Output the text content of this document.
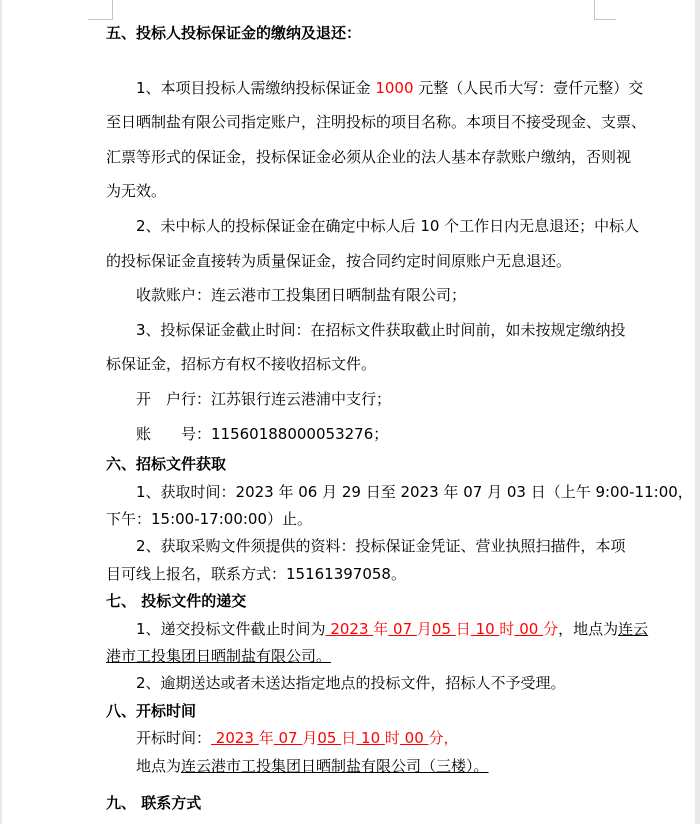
五、投标人投标保证金的缴纳及退还：
1、本项目投标人需缴纳投标保证金 1000 元整（人民币大写：壹仟元整）交
至日晒制盐有限公司指定账户，注明投标的项目名称。本项目不接受现金、支票、
汇票等形式的保证金，投标保证金必须从企业的法人基本存款账户缴纳，否则视
为无效。
2、未中标人的投标保证金在确定中标人后 10 个工作日内无息退还；中标人
的投标保证金直接转为质量保证金，按合同约定时间原账户无息退还。
收款账户：连云港市工投集团日晒制盐有限公司；
3、投标保证金截止时间：在招标文件获取截止时间前，如未按规定缴纳投
标保证金，招标方有权不接收招标文件。
开　户行：江苏银行连云港浦中支行；
账　　号：11560188000053276；
六、招标文件获取
1、获取时间：2023 年 06 月 29 日至 2023 年 07 月 03 日（上午 9:00-11:00，
下午：15:00-17:00:00）止。
2、获取采购文件须提供的资料：投标保证金凭证、营业执照扫描件，本项
目可线上报名，联系方式：15161397058。
七、 投标文件的递交
1、递交投标文件截止时间为 2023 年 07 月05 日 10 时 00 分，地点为连云
港市工投集团日晒制盐有限公司。
2、逾期送达或者未送达指定地点的投标文件，招标人不予受理。
八、开标时间
开标时间： 2023 年 07 月05 日 10 时 00 分，
地点为连云港市工投集团日晒制盐有限公司（三楼）。
九、 联系方式
